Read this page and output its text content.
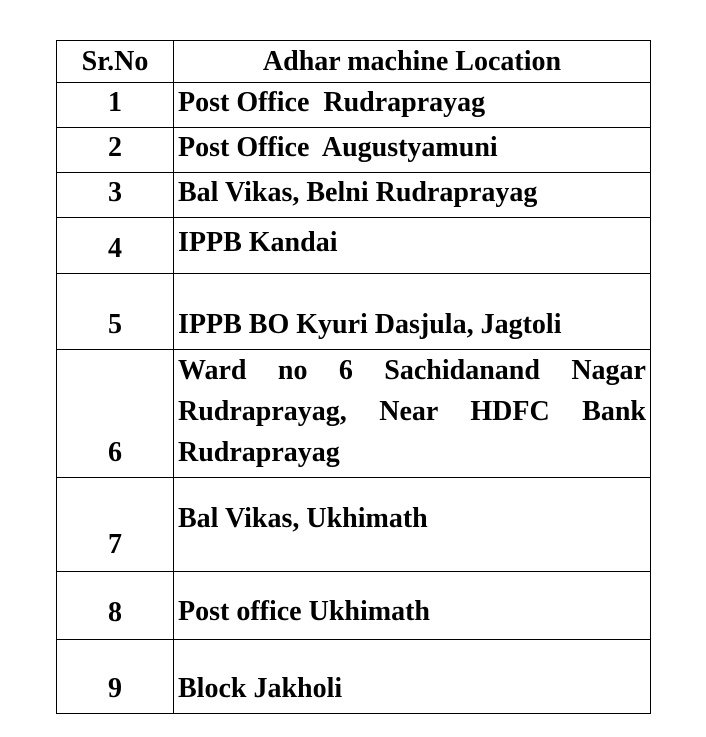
Sr.No	Adhar machine Location
1	Post Office  Rudraprayag
2	Post Office  Augustyamuni
3	Bal Vikas, Belni Rudraprayag
4	IPPB Kandai
5	IPPB BO Kyuri Dasjula, Jagtoli
6	Ward no 6 Sachidanand Nagar Rudraprayag, Near HDFC Bank Rudraprayag
7	Bal Vikas, Ukhimath
8	Post office Ukhimath
9	Block Jakholi
